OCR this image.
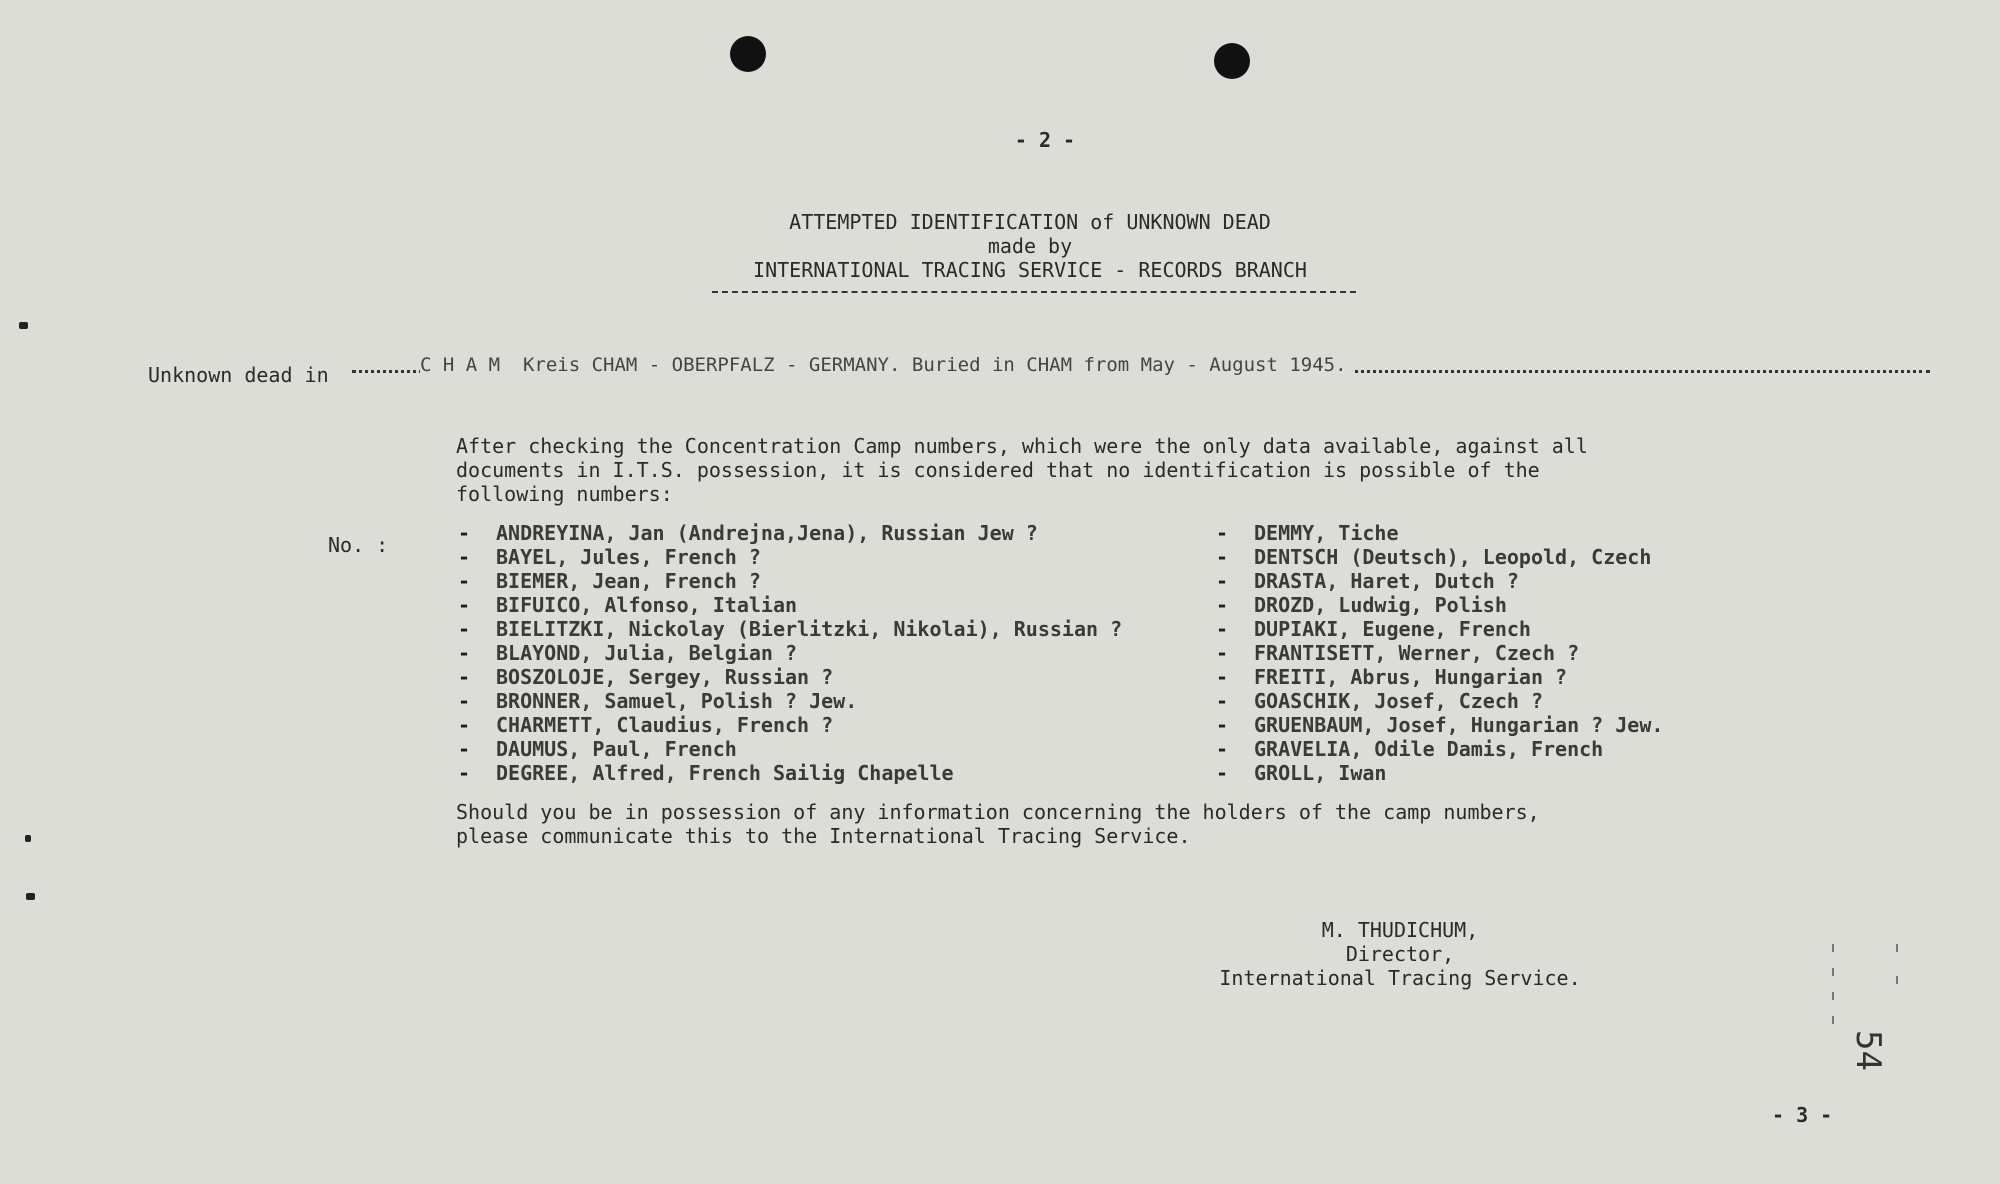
- 2 -
ATTEMPTED IDENTIFICATION of UNKNOWN DEAD
made by
INTERNATIONAL TRACING SERVICE - RECORDS BRANCH
Unknown dead in	C H A M  Kreis CHAM - OBERPFALZ - GERMANY. Buried in CHAM from May - August 1945.
After checking the Concentration Camp numbers, which were the only data available, against all
documents in I.T.S. possession, it is considered that no identification is possible of the
following numbers:
No. :	- ANDREYINA, Jan (Andrejna,Jena), Russian Jew ?
- BAYEL, Jules, French ?
- BIEMER, Jean, French ?
- BIFUICO, Alfonso, Italian
- BIELITZKI, Nickolay (Bierlitzki, Nikolai), Russian ?
- BLAYOND, Julia, Belgian ?
- BOSZOLOJE, Sergey, Russian ?
- BRONNER, Samuel, Polish ? Jew.
- CHARMETT, Claudius, French ?
- DAUMUS, Paul, French
- DEGREE, Alfred, French Sailig Chapelle
- DEMMY, Tiche
- DENTSCH (Deutsch), Leopold, Czech
- DRASTA, Haret, Dutch ?
- DROZD, Ludwig, Polish
- DUPIAKI, Eugene, French
- FRANTISETT, Werner, Czech ?
- FREITI, Abrus, Hungarian ?
- GOASCHIK, Josef, Czech ?
- GRUENBAUM, Josef, Hungarian ? Jew.
- GRAVELIA, Odile Damis, French
- GROLL, Iwan
Should you be in possession of any information concerning the holders of the camp numbers,
please communicate this to the International Tracing Service.
M. THUDICHUM,
Director,
International Tracing Service.
54
- 3 -
